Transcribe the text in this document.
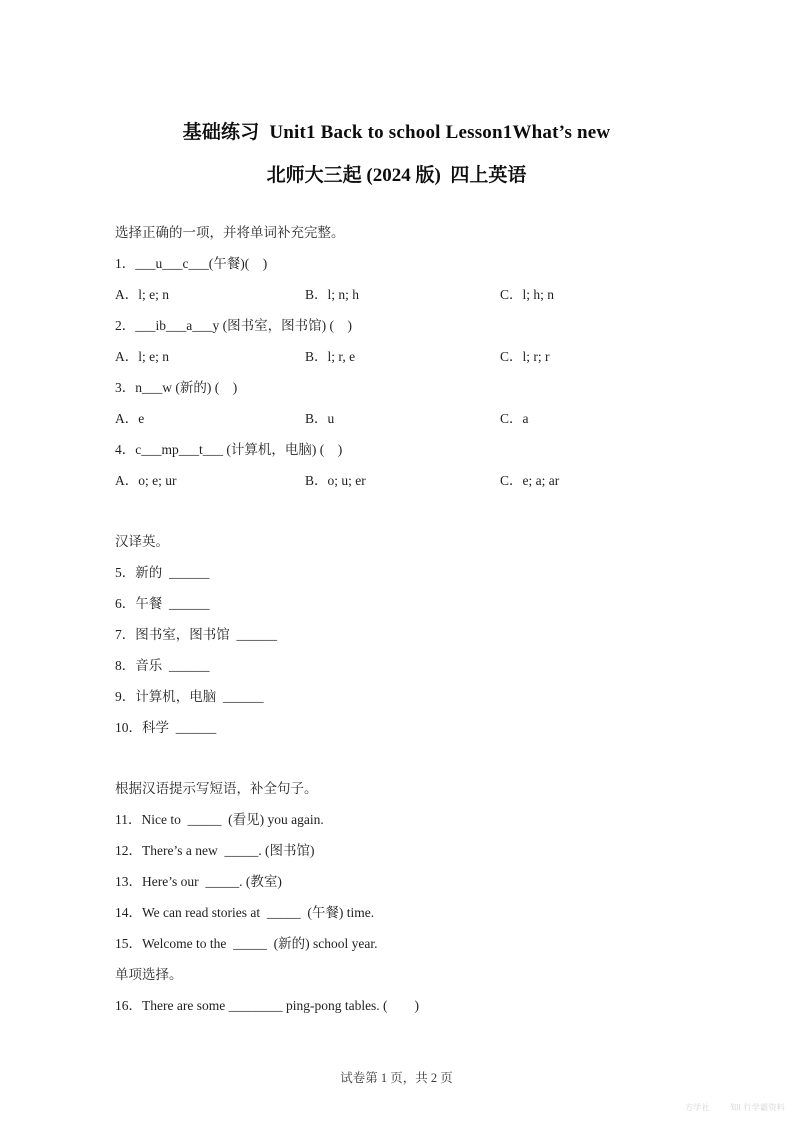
基础练习  Unit1 Back to school Lesson1What’s new
北师大三起 (2024 版)  四上英语
选择正确的一项，并将单词补充完整。
1．___u___c___(午餐)(　)
A．l; e; n	B．l; n; h	C．l; h; n
2．___ib___a___y (图书室，图书馆) (　)
A．l; e; n	B．l; r, e	C．l; r; r
3．n___w (新的) (　)
A．e	B．u	C．a
4．c___mp___t___ (计算机，电脑) (　)
A．o; e; ur	B．o; u; er	C．e; a; ar
汉译英。
5．新的  ______
6．午餐  ______
7．图书室，图书馆  ______
8．音乐  ______
9．计算机，电脑  ______
10．科学  ______
根据汉语提示写短语，补全句子。
11．Nice to  _____  (看见) you again.
12．There’s a new  _____. (图书馆)
13．Here’s our  _____. (教室)
14．We can read stories at  _____  (午餐) time.
15．Welcome to the  _____  (新的) school year.
单项选择。
16．There are some ________ ping-pong tables. (　　)
试卷第 1 页，共 2 页
方学社	知l 行学霸资料
